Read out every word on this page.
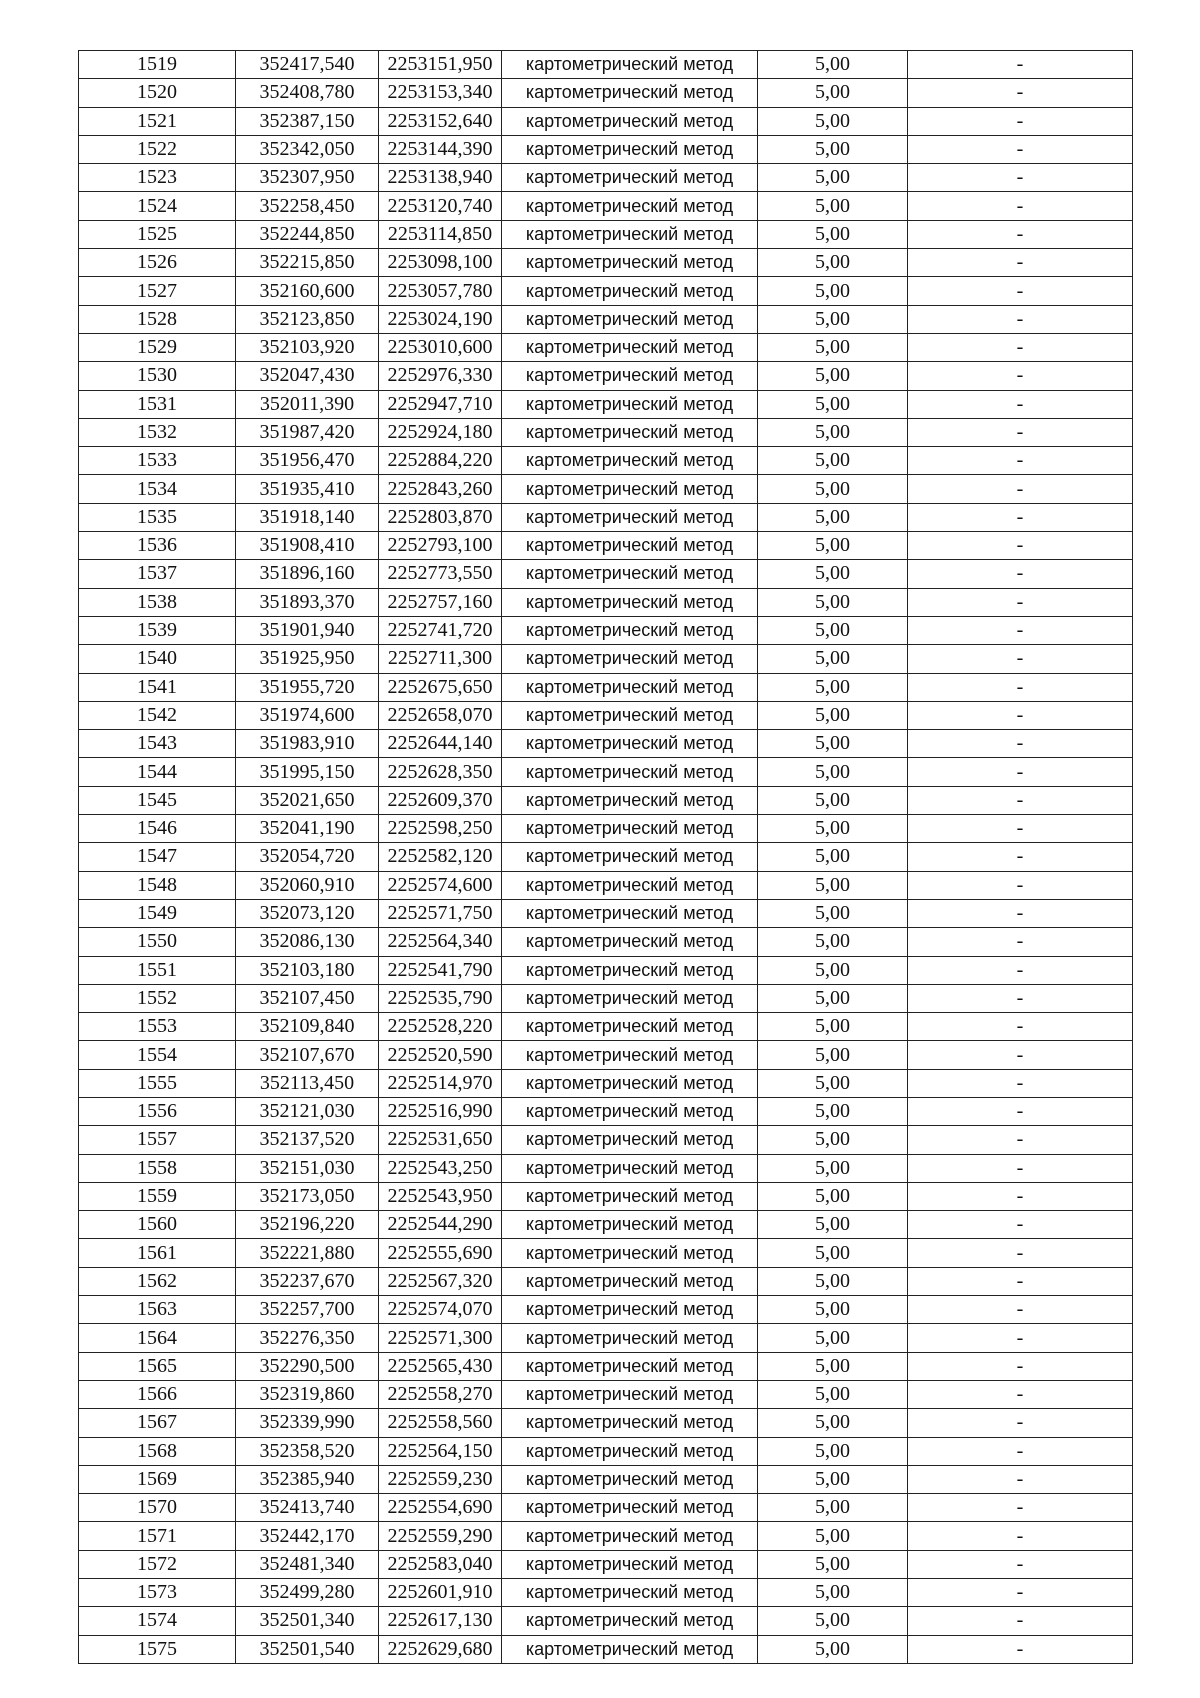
1519	352417,540	2253151,950	картометрический метод	5,00	-
1520	352408,780	2253153,340	картометрический метод	5,00	-
1521	352387,150	2253152,640	картометрический метод	5,00	-
1522	352342,050	2253144,390	картометрический метод	5,00	-
1523	352307,950	2253138,940	картометрический метод	5,00	-
1524	352258,450	2253120,740	картометрический метод	5,00	-
1525	352244,850	2253114,850	картометрический метод	5,00	-
1526	352215,850	2253098,100	картометрический метод	5,00	-
1527	352160,600	2253057,780	картометрический метод	5,00	-
1528	352123,850	2253024,190	картометрический метод	5,00	-
1529	352103,920	2253010,600	картометрический метод	5,00	-
1530	352047,430	2252976,330	картометрический метод	5,00	-
1531	352011,390	2252947,710	картометрический метод	5,00	-
1532	351987,420	2252924,180	картометрический метод	5,00	-
1533	351956,470	2252884,220	картометрический метод	5,00	-
1534	351935,410	2252843,260	картометрический метод	5,00	-
1535	351918,140	2252803,870	картометрический метод	5,00	-
1536	351908,410	2252793,100	картометрический метод	5,00	-
1537	351896,160	2252773,550	картометрический метод	5,00	-
1538	351893,370	2252757,160	картометрический метод	5,00	-
1539	351901,940	2252741,720	картометрический метод	5,00	-
1540	351925,950	2252711,300	картометрический метод	5,00	-
1541	351955,720	2252675,650	картометрический метод	5,00	-
1542	351974,600	2252658,070	картометрический метод	5,00	-
1543	351983,910	2252644,140	картометрический метод	5,00	-
1544	351995,150	2252628,350	картометрический метод	5,00	-
1545	352021,650	2252609,370	картометрический метод	5,00	-
1546	352041,190	2252598,250	картометрический метод	5,00	-
1547	352054,720	2252582,120	картометрический метод	5,00	-
1548	352060,910	2252574,600	картометрический метод	5,00	-
1549	352073,120	2252571,750	картометрический метод	5,00	-
1550	352086,130	2252564,340	картометрический метод	5,00	-
1551	352103,180	2252541,790	картометрический метод	5,00	-
1552	352107,450	2252535,790	картометрический метод	5,00	-
1553	352109,840	2252528,220	картометрический метод	5,00	-
1554	352107,670	2252520,590	картометрический метод	5,00	-
1555	352113,450	2252514,970	картометрический метод	5,00	-
1556	352121,030	2252516,990	картометрический метод	5,00	-
1557	352137,520	2252531,650	картометрический метод	5,00	-
1558	352151,030	2252543,250	картометрический метод	5,00	-
1559	352173,050	2252543,950	картометрический метод	5,00	-
1560	352196,220	2252544,290	картометрический метод	5,00	-
1561	352221,880	2252555,690	картометрический метод	5,00	-
1562	352237,670	2252567,320	картометрический метод	5,00	-
1563	352257,700	2252574,070	картометрический метод	5,00	-
1564	352276,350	2252571,300	картометрический метод	5,00	-
1565	352290,500	2252565,430	картометрический метод	5,00	-
1566	352319,860	2252558,270	картометрический метод	5,00	-
1567	352339,990	2252558,560	картометрический метод	5,00	-
1568	352358,520	2252564,150	картометрический метод	5,00	-
1569	352385,940	2252559,230	картометрический метод	5,00	-
1570	352413,740	2252554,690	картометрический метод	5,00	-
1571	352442,170	2252559,290	картометрический метод	5,00	-
1572	352481,340	2252583,040	картометрический метод	5,00	-
1573	352499,280	2252601,910	картометрический метод	5,00	-
1574	352501,340	2252617,130	картометрический метод	5,00	-
1575	352501,540	2252629,680	картометрический метод	5,00	-
